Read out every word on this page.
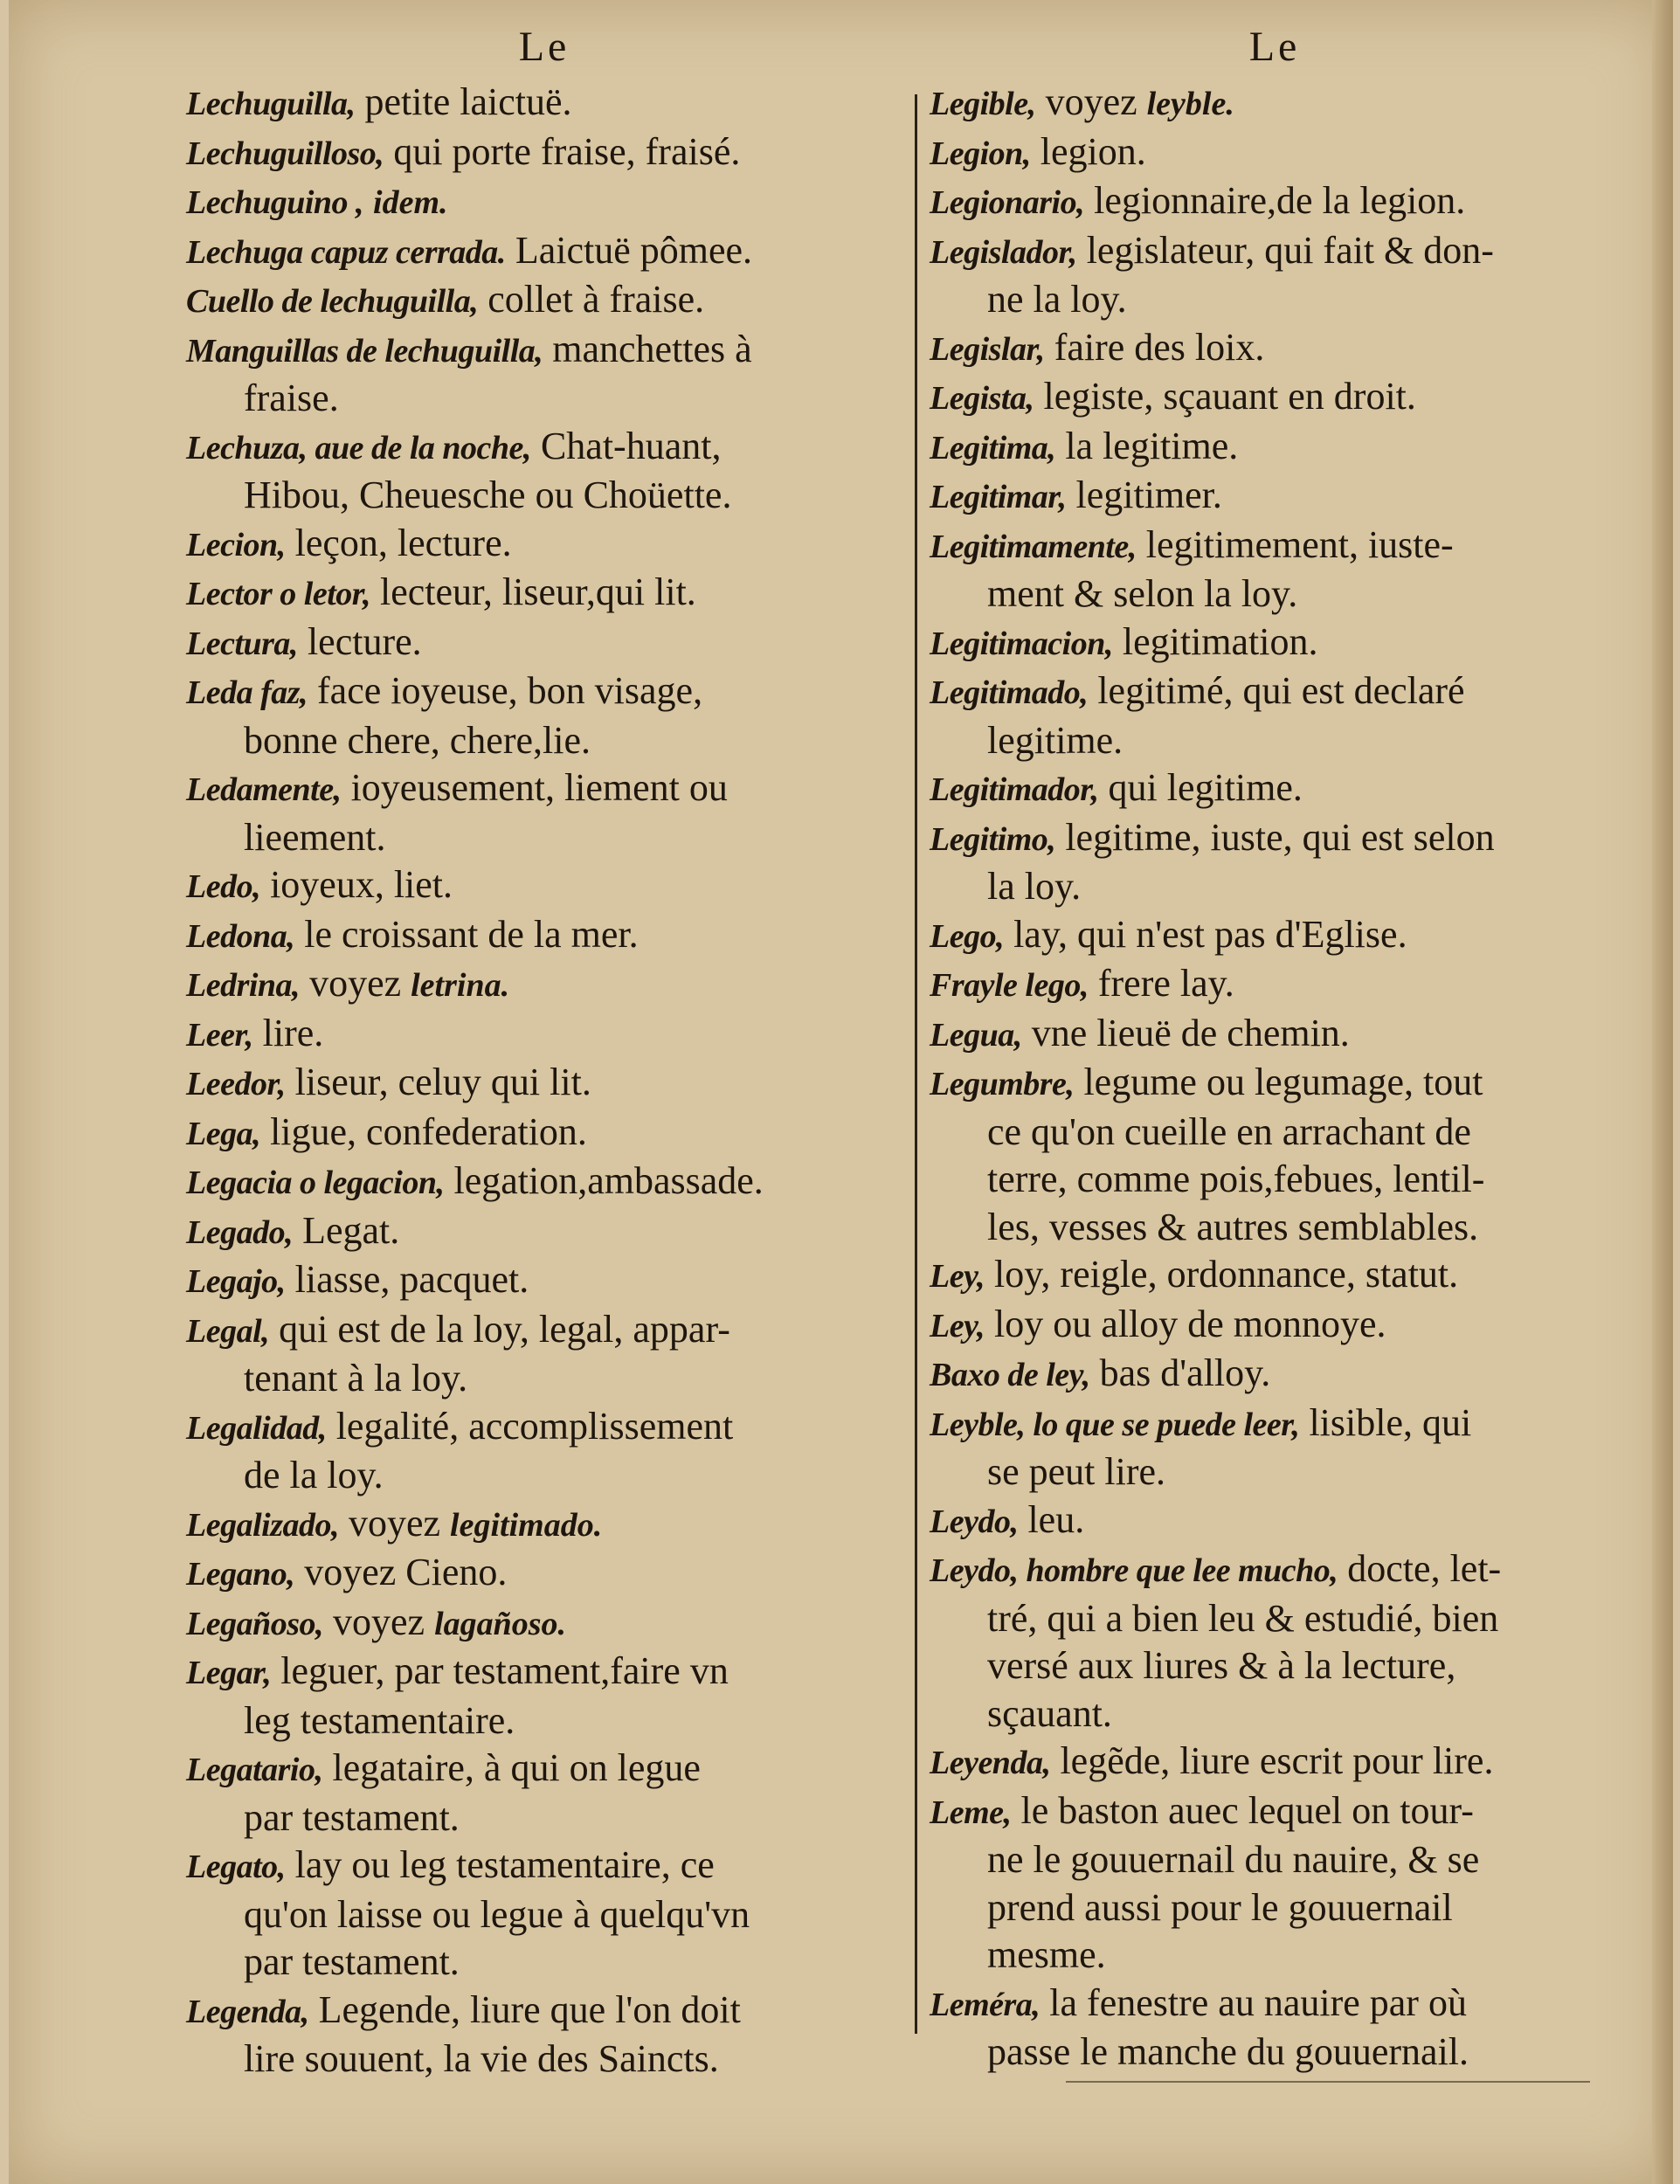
Le
Lechuguilla, petite laictuë.
Lechuguilloso, qui porte fraise, fraisé.
Lechuguino , idem.
Lechuga capuz cerrada. Laictuë pômee.
Cuello de lechuguilla, collet à fraise.
Manguillas de lechuguilla, manchettes à
fraise.
Lechuza, aue de la noche, Chat-huant,
Hibou, Cheuesche ou Choüette.
Lecion, leçon, lecture.
Lector o letor, lecteur, liseur,qui lit.
Lectura, lecture.
Leda faz, face ioyeuse, bon visage,
bonne chere, chere,lie.
Ledamente, ioyeusement, liement ou
lieement.
Ledo, ioyeux, liet.
Ledona, le croissant de la mer.
Ledrina, voyez letrina.
Leer, lire.
Leedor, liseur, celuy qui lit.
Lega, ligue, confederation.
Legacia o legacion, legation,ambassade.
Legado, Legat.
Legajo, liasse, pacquet.
Legal, qui est de la loy, legal, appar-
tenant à la loy.
Legalidad, legalité, accomplissement
de la loy.
Legalizado, voyez legitimado.
Legano, voyez Cieno.
Legañoso, voyez lagañoso.
Legar, leguer, par testament,faire vn
leg testamentaire.
Legatario, legataire, à qui on legue
par testament.
Legato, lay ou leg testamentaire, ce
qu'on laisse ou legue à quelqu'vn
par testament.
Legenda, Legende, liure que l'on doit
lire souuent, la vie des Saincts.
Le
Legible, voyez leyble.
Legion, legion.
Legionario, legionnaire,de la legion.
Legislador, legislateur, qui fait & don-
ne la loy.
Legislar, faire des loix.
Legista, legiste, sçauant en droit.
Legitima, la legitime.
Legitimar, legitimer.
Legitimamente, legitimement, iuste-
ment & selon la loy.
Legitimacion, legitimation.
Legitimado, legitimé, qui est declaré
legitime.
Legitimador, qui legitime.
Legitimo, legitime, iuste, qui est selon
la loy.
Lego, lay, qui n'est pas d'Eglise.
Frayle lego, frere lay.
Legua, vne lieuë de chemin.
Legumbre, legume ou legumage, tout
ce qu'on cueille en arrachant de
terre, comme pois,febues, lentil-
les, vesses & autres semblables.
Ley, loy, reigle, ordonnance, statut.
Ley, loy ou alloy de monnoye.
Baxo de ley, bas d'alloy.
Leyble, lo que se puede leer, lisible, qui
se peut lire.
Leydo, leu.
Leydo, hombre que lee mucho, docte, let-
tré, qui a bien leu & estudié, bien
versé aux liures & à la lecture,
sçauant.
Leyenda, legẽde, liure escrit pour lire.
Leme, le baston auec lequel on tour-
ne le gouuernail du nauire, & se
prend aussi pour le gouuernail
mesme.
Leméra, la fenestre au nauire par où
passe le manche du gouuernail.
